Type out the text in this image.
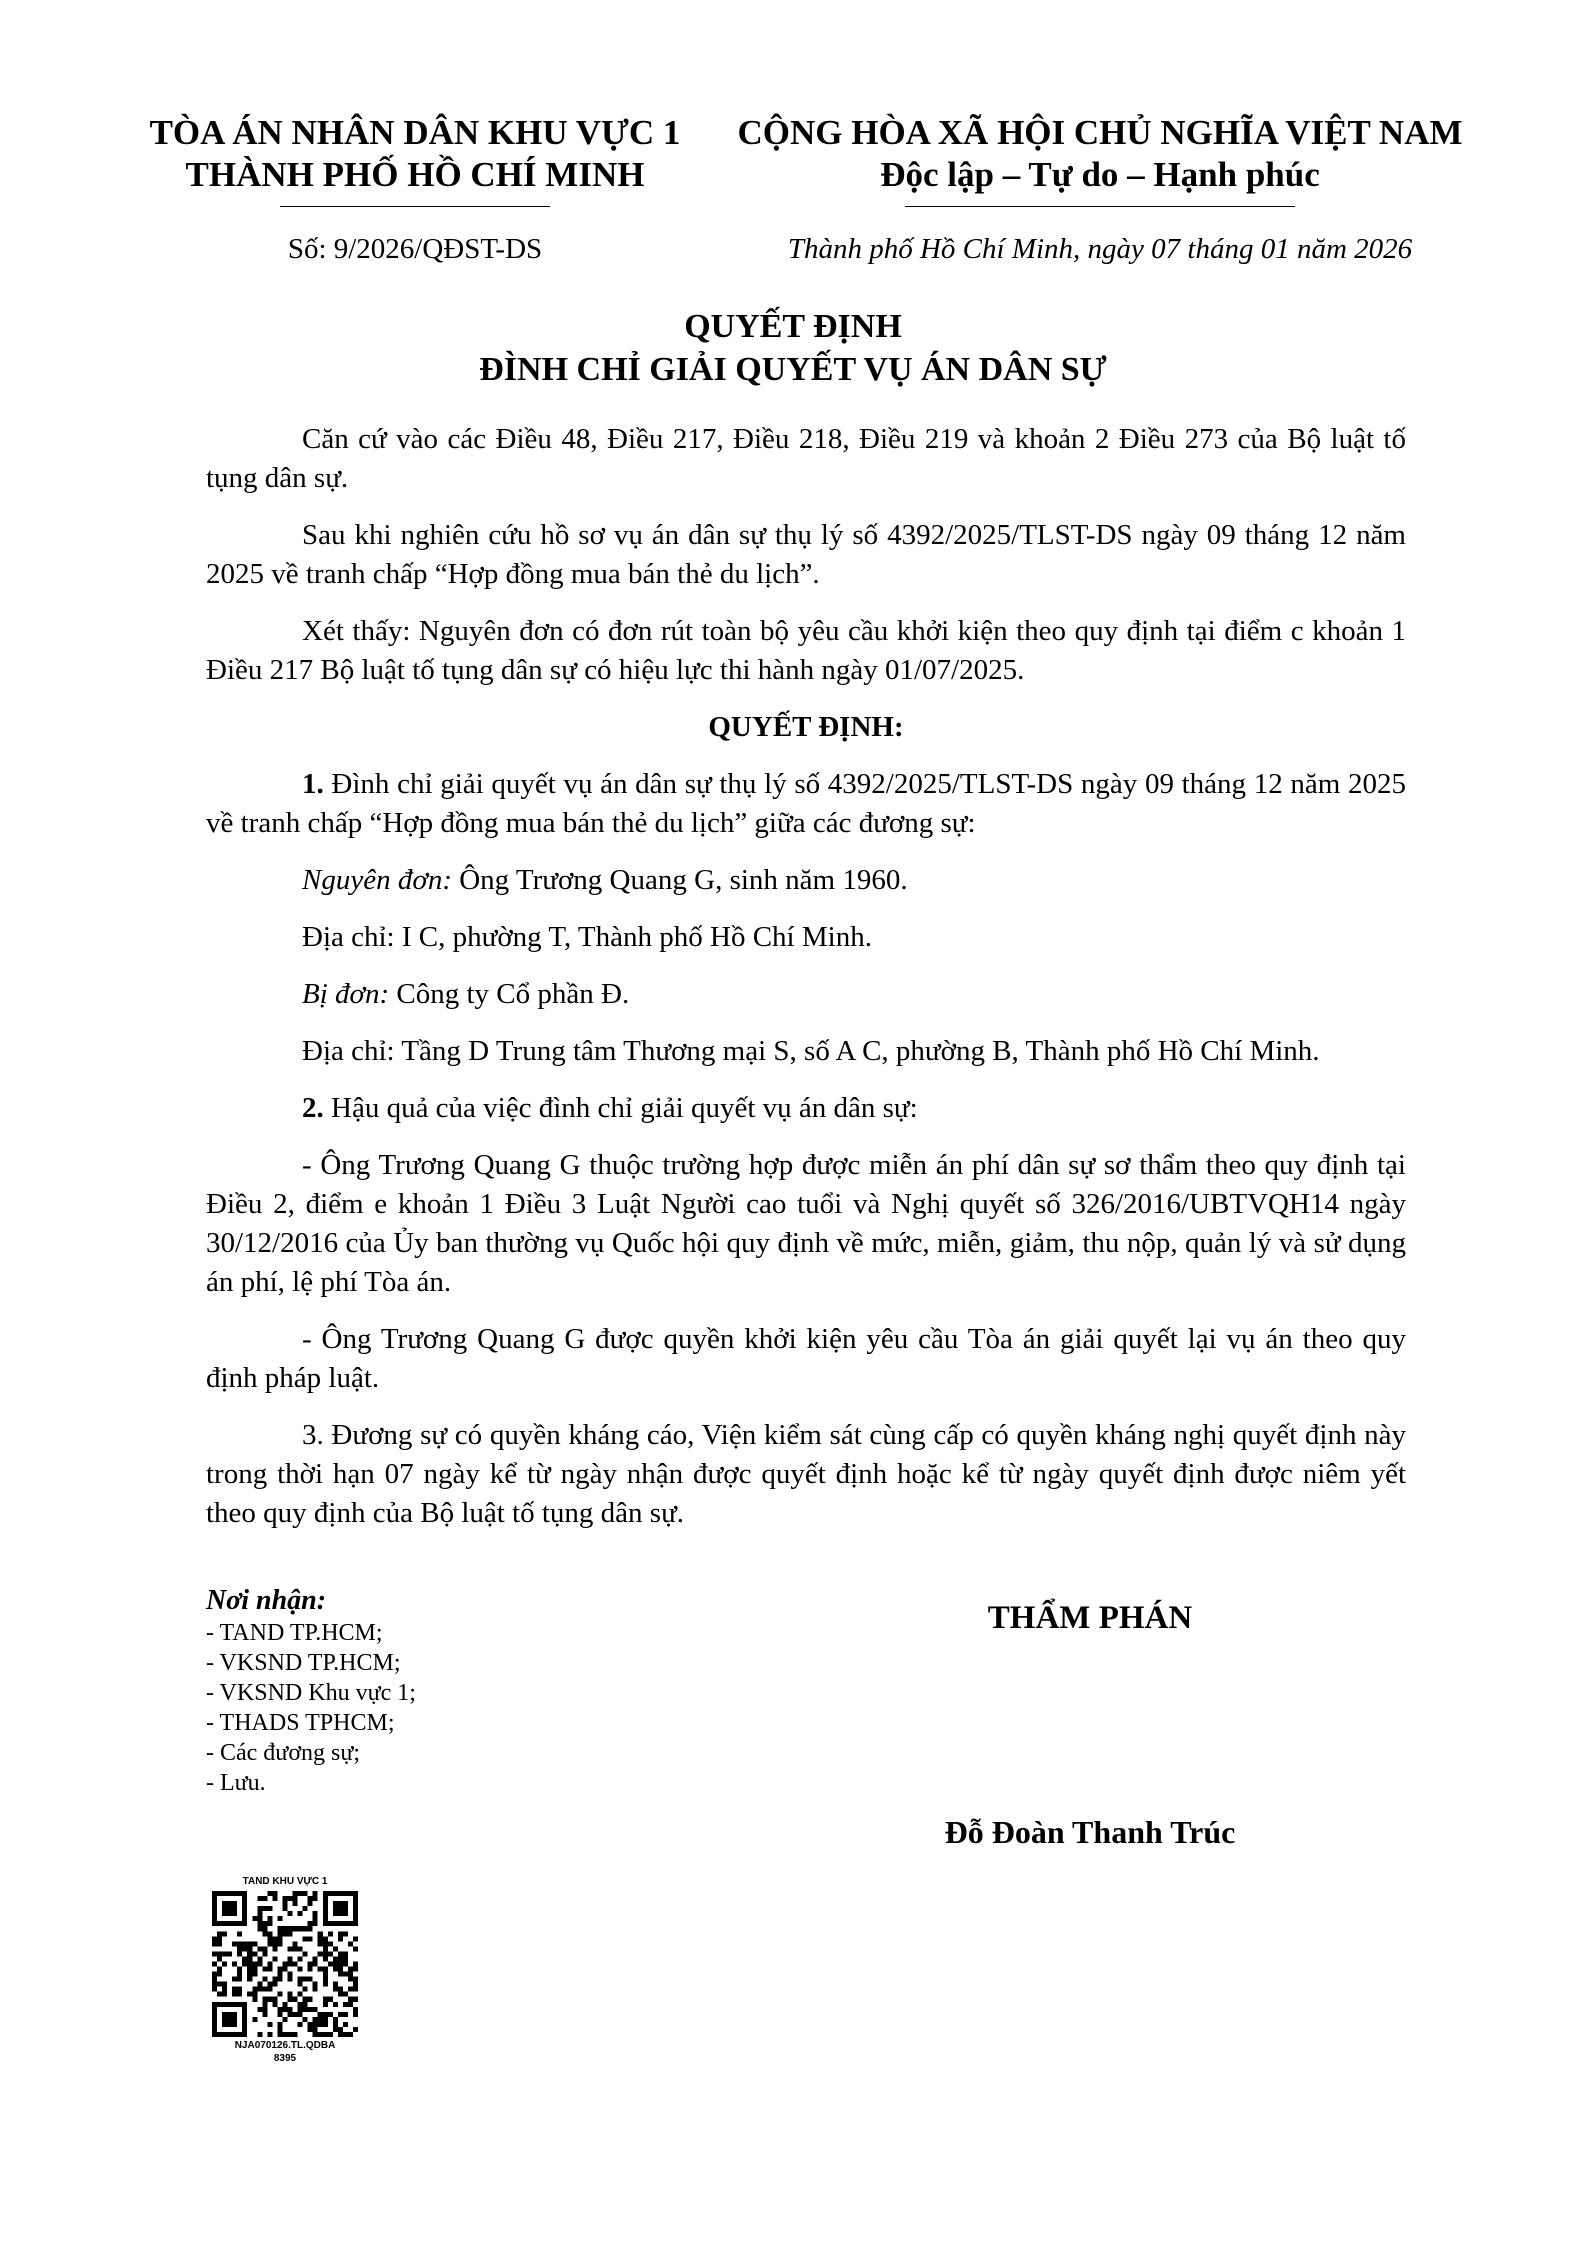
TÒA ÁN NHÂN DÂN KHU VỰC 1
THÀNH PHỐ HỒ CHÍ MINH
CỘNG HÒA XÃ HỘI CHỦ NGHĨA VIỆT NAM
Độc lập – Tự do – Hạnh phúc
Số: 9/2026/QĐST-DS	Thành phố Hồ Chí Minh, ngày 07 tháng 01 năm 2026
QUYẾT ĐỊNH
ĐÌNH CHỈ GIẢI QUYẾT VỤ ÁN DÂN SỰ

Căn cứ vào các Điều 48, Điều 217, Điều 218, Điều 219 và khoản 2 Điều 273 của Bộ luật tố tụng dân sự.

Sau khi nghiên cứu hồ sơ vụ án dân sự thụ lý số 4392/2025/TLST-DS ngày 09 tháng 12 năm 2025 về tranh chấp “Hợp đồng mua bán thẻ du lịch”.

Xét thấy: Nguyên đơn có đơn rút toàn bộ yêu cầu khởi kiện theo quy định tại điểm c khoản 1 Điều 217 Bộ luật tố tụng dân sự có hiệu lực thi hành ngày 01/07/2025.

QUYẾT ĐỊNH:

1. Đình chỉ giải quyết vụ án dân sự thụ lý số 4392/2025/TLST-DS ngày 09 tháng 12 năm 2025 về tranh chấp “Hợp đồng mua bán thẻ du lịch” giữa các đương sự:

Nguyên đơn: Ông Trương Quang G, sinh năm 1960.

Địa chỉ: I C, phường T, Thành phố Hồ Chí Minh.

Bị đơn: Công ty Cổ phần Đ.

Địa chỉ: Tầng D Trung tâm Thương mại S, số A C, phường B, Thành phố Hồ Chí Minh.

2. Hậu quả của việc đình chỉ giải quyết vụ án dân sự:

- Ông Trương Quang G thuộc trường hợp được miễn án phí dân sự sơ thẩm theo quy định tại Điều 2, điểm e khoản 1 Điều 3 Luật Người cao tuổi và Nghị quyết số 326/2016/UBTVQH14 ngày 30/12/2016 của Ủy ban thường vụ Quốc hội quy định về mức, miễn, giảm, thu nộp, quản lý và sử dụng án phí, lệ phí Tòa án.

- Ông Trương Quang G được quyền khởi kiện yêu cầu Tòa án giải quyết lại vụ án theo quy định pháp luật.

3. Đương sự có quyền kháng cáo, Viện kiểm sát cùng cấp có quyền kháng nghị quyết định này trong thời hạn 07 ngày kể từ ngày nhận được quyết định hoặc kể từ ngày quyết định được niêm yết theo quy định của Bộ luật tố tụng dân sự.

Nơi nhận:
- TAND TP.HCM;
- VKSND TP.HCM;
- VKSND Khu vực 1;
- THADS TPHCM;
- Các đương sự;
- Lưu.
THẨM PHÁN
Đỗ Đoàn Thanh Trúc
TAND KHU VỰC 1
NJA070126.TL.QDBA
8395
